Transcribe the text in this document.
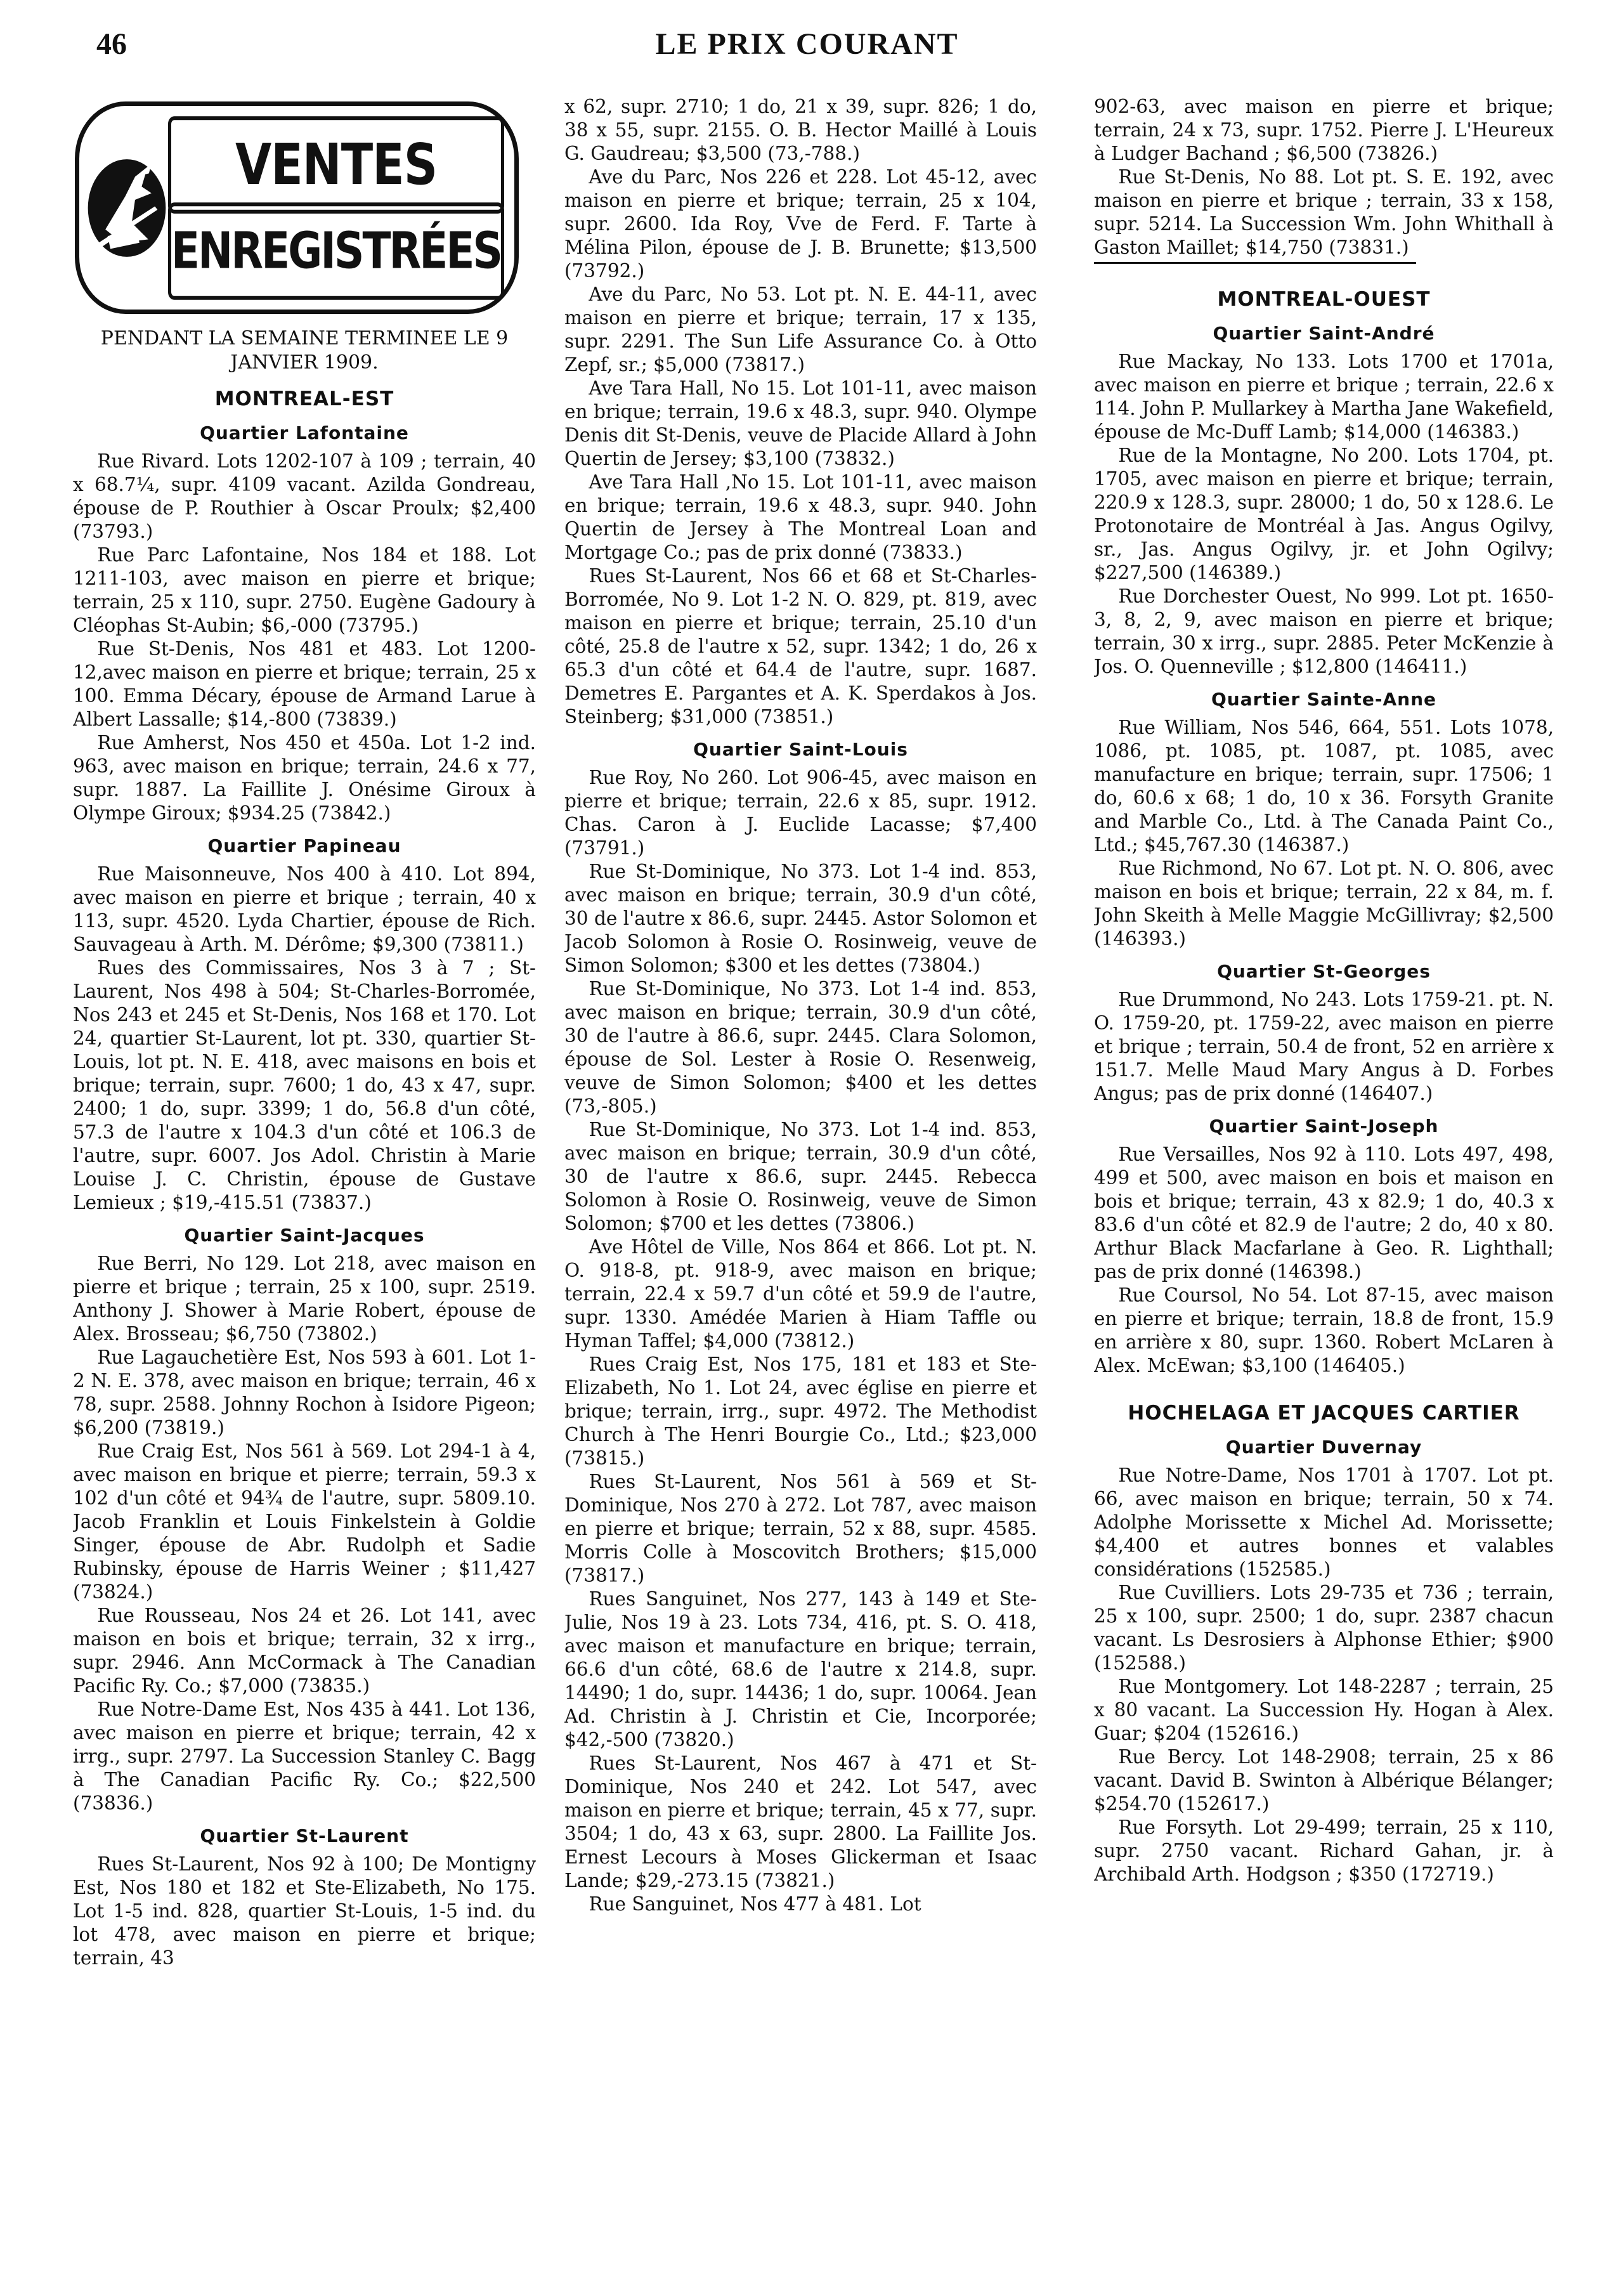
46	LE PRIX COURANT
VENTES
ENREGISTRÉES
PENDANT LA SEMAINE TERMINEE LE 9 JANVIER 1909.
MONTREAL-EST
Quartier Lafontaine

Rue Rivard. Lots 1202-107 à 109 ; terrain, 40 x 68.7¼, supr. 4109 vacant. Azilda Gondreau, épouse de P. Routhier à Oscar Proulx; $2,400 (73793.)

Rue Parc Lafontaine, Nos 184 et 188. Lot 1211-103, avec maison en pierre et brique; terrain, 25 x 110, supr. 2750. Eugène Gadoury à Cléophas St-Aubin; $6,-000 (73795.)

Rue St-Denis, Nos 481 et 483. Lot 1200-12,avec maison en pierre et brique; terrain, 25 x 100. Emma Décary, épouse de Armand Larue à Albert Lassalle; $14,-800 (73839.)

Rue Amherst, Nos 450 et 450a. Lot 1-2 ind. 963, avec maison en brique; terrain, 24.6 x 77, supr. 1887. La Faillite J. Onésime Giroux à Olympe Giroux; $934.25 (73842.)

Quartier Papineau

Rue Maisonneuve, Nos 400 à 410. Lot 894, avec maison en pierre et brique ; terrain, 40 x 113, supr. 4520. Lyda Chartier, épouse de Rich. Sauvageau à Arth. M. Dérôme; $9,300 (73811.)

Rues des Commissaires, Nos 3 à 7 ; St-Laurent, Nos 498 à 504; St-Charles-Borromée, Nos 243 et 245 et St-Denis, Nos 168 et 170. Lot 24, quartier St-Laurent, lot pt. 330, quartier St-Louis, lot pt. N. E. 418, avec maisons en bois et brique; terrain, supr. 7600; 1 do, 43 x 47, supr. 2400; 1 do, supr. 3399; 1 do, 56.8 d'un côté, 57.3 de l'autre x 104.3 d'un côté et 106.3 de l'autre, supr. 6007. Jos Adol. Christin à Marie Louise J. C. Christin, épouse de Gustave Lemieux ; $19,-415.51 (73837.)

Quartier Saint-Jacques

Rue Berri, No 129. Lot 218, avec maison en pierre et brique ; terrain, 25 x 100, supr. 2519. Anthony J. Shower à Marie Robert, épouse de Alex. Brosseau; $6,750 (73802.)

Rue Lagauchetière Est, Nos 593 à 601. Lot 1-2 N. E. 378, avec maison en brique; terrain, 46 x 78, supr. 2588. Johnny Rochon à Isidore Pigeon; $6,200 (73819.)

Rue Craig Est, Nos 561 à 569. Lot 294-1 à 4, avec maison en brique et pierre; terrain, 59.3 x 102 d'un côté et 94¾ de l'autre, supr. 5809.10. Jacob Franklin et Louis Finkelstein à Goldie Singer, épouse de Abr. Rudolph et Sadie Rubinsky, épouse de Harris Weiner ; $11,427 (73824.)

Rue Rousseau, Nos 24 et 26. Lot 141, avec maison en bois et brique; terrain, 32 x irrg., supr. 2946. Ann McCormack à The Canadian Pacific Ry. Co.; $7,000 (73835.)

Rue Notre-Dame Est, Nos 435 à 441. Lot 136, avec maison en pierre et brique; terrain, 42 x irrg., supr. 2797. La Succession Stanley C. Bagg à The Canadian Pacific Ry. Co.; $22,500 (73836.)

Quartier St-Laurent

Rues St-Laurent, Nos 92 à 100; De Montigny Est, Nos 180 et 182 et Ste-Elizabeth, No 175. Lot 1-5 ind. 828, quartier St-Louis, 1-5 ind. du lot 478, avec maison en pierre et brique; terrain, 43

x 62, supr. 2710; 1 do, 21 x 39, supr. 826; 1 do, 38 x 55, supr. 2155. O. B. Hector Maillé à Louis G. Gaudreau; $3,500 (73,-788.)

Ave du Parc, Nos 226 et 228. Lot 45-12, avec maison en pierre et brique; terrain, 25 x 104, supr. 2600. Ida Roy, Vve de Ferd. F. Tarte à Mélina Pilon, épouse de J. B. Brunette; $13,500 (73792.)

Ave du Parc, No 53. Lot pt. N. E. 44-11, avec maison en pierre et brique; terrain, 17 x 135, supr. 2291. The Sun Life Assurance Co. à Otto Zepf, sr.; $5,000 (73817.)

Ave Tara Hall, No 15. Lot 101-11, avec maison en brique; terrain, 19.6 x 48.3, supr. 940. Olympe Denis dit St-Denis, veuve de Placide Allard à John Quertin de Jersey; $3,100 (73832.)

Ave Tara Hall ,No 15. Lot 101-11, avec maison en brique; terrain, 19.6 x 48.3, supr. 940. John Quertin de Jersey à The Montreal Loan and Mortgage Co.; pas de prix donné (73833.)

Rues St-Laurent, Nos 66 et 68 et St-Charles-Borromée, No 9. Lot 1-2 N. O. 829, pt. 819, avec maison en pierre et brique; terrain, 25.10 d'un côté, 25.8 de l'autre x 52, supr. 1342; 1 do, 26 x 65.3 d'un côté et 64.4 de l'autre, supr. 1687. Demetres E. Pargantes et A. K. Sperdakos à Jos. Steinberg; $31,000 (73851.)

Quartier Saint-Louis

Rue Roy, No 260. Lot 906-45, avec maison en pierre et brique; terrain, 22.6 x 85, supr. 1912. Chas. Caron à J. Euclide Lacasse; $7,400 (73791.)

Rue St-Dominique, No 373. Lot 1-4 ind. 853, avec maison en brique; terrain, 30.9 d'un côté, 30 de l'autre x 86.6, supr. 2445. Astor Solomon et Jacob Solomon à Rosie O. Rosinweig, veuve de Simon Solomon; $300 et les dettes (73804.)

Rue St-Dominique, No 373. Lot 1-4 ind. 853, avec maison en brique; terrain, 30.9 d'un côté, 30 de l'autre à 86.6, supr. 2445. Clara Solomon, épouse de Sol. Lester à Rosie O. Resenweig, veuve de Simon Solomon; $400 et les dettes (73,-805.)

Rue St-Dominique, No 373. Lot 1-4 ind. 853, avec maison en brique; terrain, 30.9 d'un côté, 30 de l'autre x 86.6, supr. 2445. Rebecca Solomon à Rosie O. Rosinweig, veuve de Simon Solomon; $700 et les dettes (73806.)

Ave Hôtel de Ville, Nos 864 et 866. Lot pt. N. O. 918-8, pt. 918-9, avec maison en brique; terrain, 22.4 x 59.7 d'un côté et 59.9 de l'autre, supr. 1330. Amédée Marien à Hiam Taffle ou Hyman Taffel; $4,000 (73812.)

Rues Craig Est, Nos 175, 181 et 183 et Ste-Elizabeth, No 1. Lot 24, avec église en pierre et brique; terrain, irrg., supr. 4972. The Methodist Church à The Henri Bourgie Co., Ltd.; $23,000 (73815.)

Rues St-Laurent, Nos 561 à 569 et St-Dominique, Nos 270 à 272. Lot 787, avec maison en pierre et brique; terrain, 52 x 88, supr. 4585. Morris Colle à Moscovitch Brothers; $15,000 (73817.)

Rues Sanguinet, Nos 277, 143 à 149 et Ste-Julie, Nos 19 à 23. Lots 734, 416, pt. S. O. 418, avec maison et manufacture en brique; terrain, 66.6 d'un côté, 68.6 de l'autre x 214.8, supr. 14490; 1 do, supr. 14436; 1 do, supr. 10064. Jean Ad. Christin à J. Christin et Cie, Incorporée; $42,-500 (73820.)

Rues St-Laurent, Nos 467 à 471 et St-Dominique, Nos 240 et 242. Lot 547, avec maison en pierre et brique; terrain, 45 x 77, supr. 3504; 1 do, 43 x 63, supr. 2800. La Faillite Jos. Ernest Lecours à Moses Glickerman et Isaac Lande; $29,-273.15 (73821.)

Rue Sanguinet, Nos 477 à 481. Lot

902-63, avec maison en pierre et brique; terrain, 24 x 73, supr. 1752. Pierre J. L'Heureux à Ludger Bachand ; $6,500 (73826.)

Rue St-Denis, No 88. Lot pt. S. E. 192, avec maison en pierre et brique ; terrain, 33 x 158, supr. 5214. La Succession Wm. John Whithall à Gaston Maillet; $14,750 (73831.)

MONTREAL-OUEST
Quartier Saint-André

Rue Mackay, No 133. Lots 1700 et 1701a, avec maison en pierre et brique ; terrain, 22.6 x 114. John P. Mullarkey à Martha Jane Wakefield, épouse de Mc-Duff Lamb; $14,000 (146383.)

Rue de la Montagne, No 200. Lots 1704, pt. 1705, avec maison en pierre et brique; terrain, 220.9 x 128.3, supr. 28000; 1 do, 50 x 128.6. Le Protonotaire de Montréal à Jas. Angus Ogilvy, sr., Jas. Angus Ogilvy, jr. et John Ogilvy; $227,500 (146389.)

Rue Dorchester Ouest, No 999. Lot pt. 1650-3, 8, 2, 9, avec maison en pierre et brique; terrain, 30 x irrg., supr. 2885. Peter McKenzie à Jos. O. Quenneville ; $12,800 (146411.)

Quartier Sainte-Anne

Rue William, Nos 546, 664, 551. Lots 1078, 1086, pt. 1085, pt. 1087, pt. 1085, avec manufacture en brique; terrain, supr. 17506; 1 do, 60.6 x 68; 1 do, 10 x 36. Forsyth Granite and Marble Co., Ltd. à The Canada Paint Co., Ltd.; $45,767.30 (146387.)

Rue Richmond, No 67. Lot pt. N. O. 806, avec maison en bois et brique; terrain, 22 x 84, m. f. John Skeith à Melle Maggie McGillivray; $2,500 (146393.)

Quartier St-Georges

Rue Drummond, No 243. Lots 1759-21. pt. N. O. 1759-20, pt. 1759-22, avec maison en pierre et brique ; terrain, 50.4 de front, 52 en arrière x 151.7. Melle Maud Mary Angus à D. Forbes Angus; pas de prix donné (146407.)

Quartier Saint-Joseph

Rue Versailles, Nos 92 à 110. Lots 497, 498, 499 et 500, avec maison en bois et maison en bois et brique; terrain, 43 x 82.9; 1 do, 40.3 x 83.6 d'un côté et 82.9 de l'autre; 2 do, 40 x 80. Arthur Black Macfarlane à Geo. R. Lighthall; pas de prix donné (146398.)

Rue Coursol, No 54. Lot 87-15, avec maison en pierre et brique; terrain, 18.8 de front, 15.9 en arrière x 80, supr. 1360. Robert McLaren à Alex. McEwan; $3,100 (146405.)

HOCHELAGA ET JACQUES CARTIER
Quartier Duvernay

Rue Notre-Dame, Nos 1701 à 1707. Lot pt. 66, avec maison en brique; terrain, 50 x 74. Adolphe Morissette x Michel Ad. Morissette; $4,400 et autres bonnes et valables considérations (152585.)

Rue Cuvilliers. Lots 29-735 et 736 ; terrain, 25 x 100, supr. 2500; 1 do, supr. 2387 chacun vacant. Ls Desrosiers à Alphonse Ethier; $900 (152588.)

Rue Montgomery. Lot 148-2287 ; terrain, 25 x 80 vacant. La Succession Hy. Hogan à Alex. Guar; $204 (152616.)

Rue Bercy. Lot 148-2908; terrain, 25 x 86 vacant. David B. Swinton à Albérique Bélanger; $254.70 (152617.)

Rue Forsyth. Lot 29-499; terrain, 25 x 110, supr. 2750 vacant. Richard Gahan, jr. à Archibald Arth. Hodgson ; $350 (172719.)
